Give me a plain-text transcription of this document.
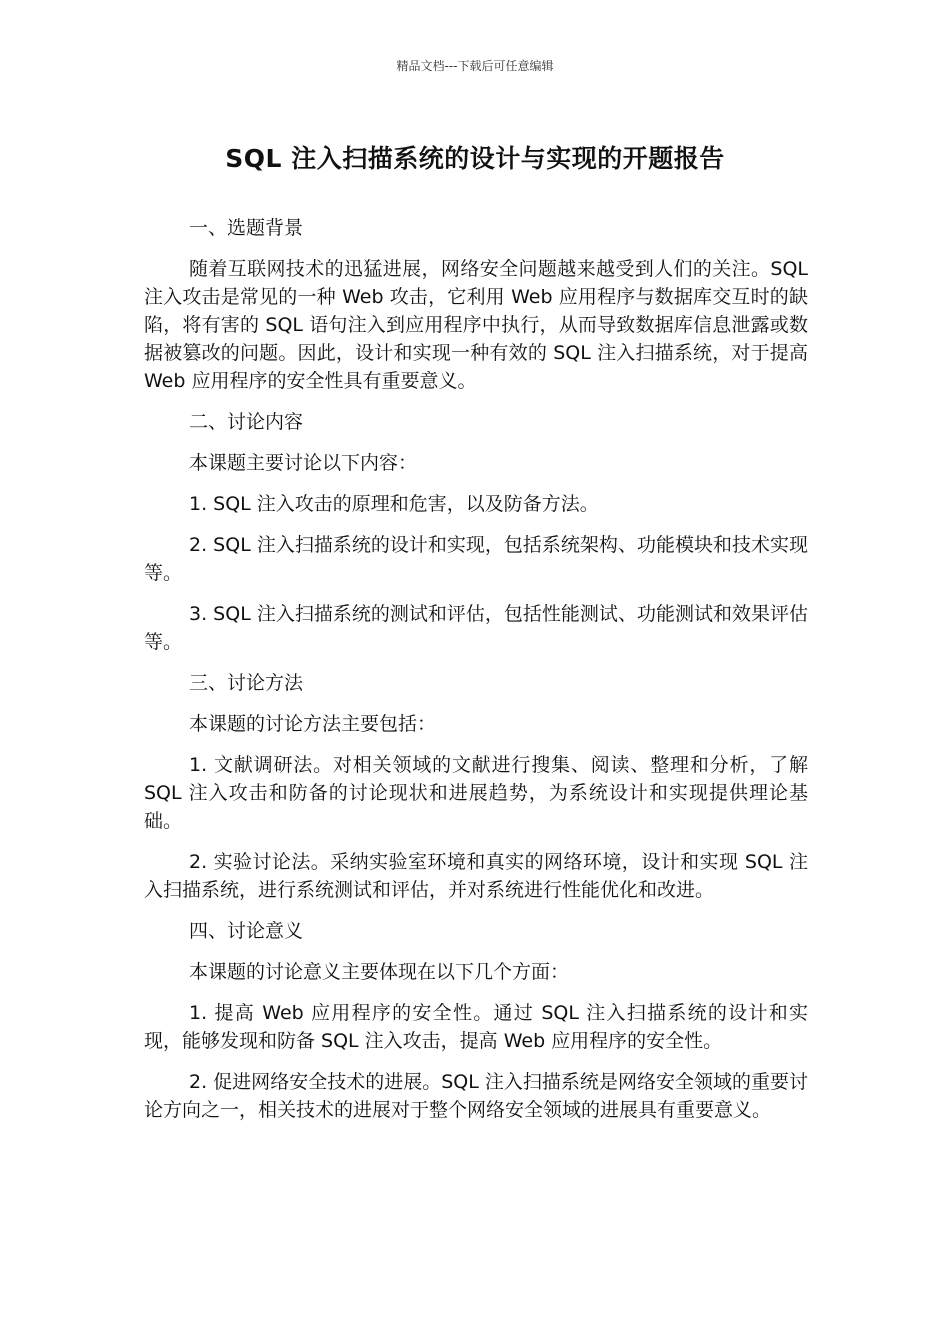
精品文档---下载后可任意编辑
SQL 注入扫描系统的设计与实现的开题报告

一、选题背景

随着互联网技术的迅猛进展，网络安全问题越来越受到人们的关注。SQL 注入攻击是常见的一种 Web 攻击，它利用 Web 应用程序与数据库交互时的缺陷，将有害的 SQL 语句注入到应用程序中执行，从而导致数据库信息泄露或数据被篡改的问题。因此，设计和实现一种有效的 SQL 注入扫描系统，对于提高 Web 应用程序的安全性具有重要意义。

二、讨论内容

本课题主要讨论以下内容：

1. SQL 注入攻击的原理和危害，以及防备方法。

2. SQL 注入扫描系统的设计和实现，包括系统架构、功能模块和技术实现等。

3. SQL 注入扫描系统的测试和评估，包括性能测试、功能测试和效果评估等。

三、讨论方法

本课题的讨论方法主要包括：

1. 文献调研法。对相关领域的文献进行搜集、阅读、整理和分析，了解 SQL 注入攻击和防备的讨论现状和进展趋势，为系统设计和实现提供理论基础。

2. 实验讨论法。采纳实验室环境和真实的网络环境，设计和实现 SQL 注入扫描系统，进行系统测试和评估，并对系统进行性能优化和改进。

四、讨论意义

本课题的讨论意义主要体现在以下几个方面：

1. 提高 Web 应用程序的安全性。通过 SQL 注入扫描系统的设计和实现，能够发现和防备 SQL 注入攻击，提高 Web 应用程序的安全性。

2. 促进网络安全技术的进展。SQL 注入扫描系统是网络安全领域的重要讨论方向之一，相关技术的进展对于整个网络安全领域的进展具有重要意义。
